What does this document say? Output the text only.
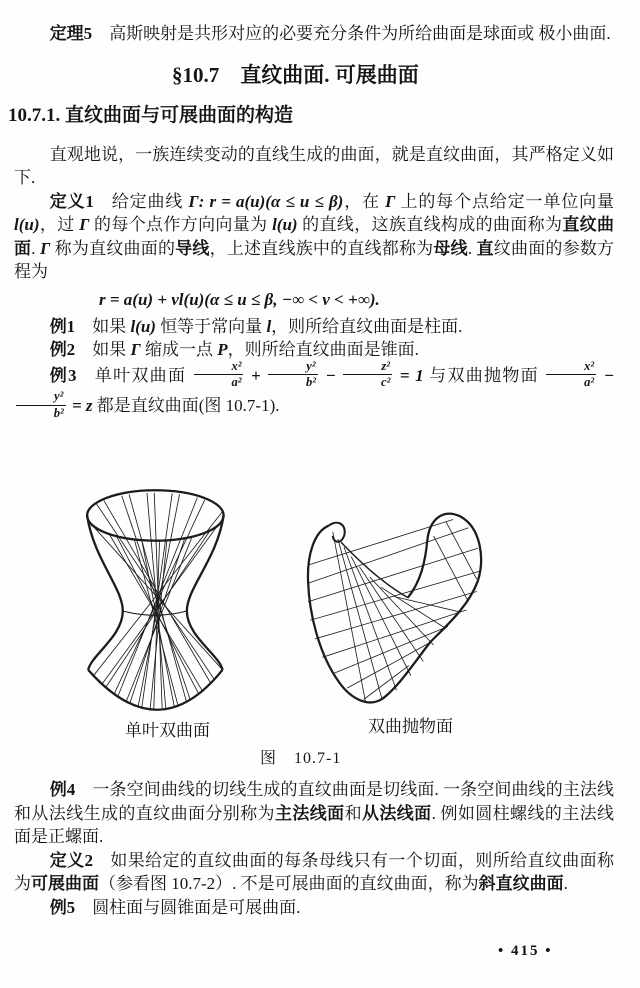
定理5 高斯映射是共形对应的必要充分条件为所给曲面是球面或 极小曲面.

§10.7　直纹曲面. 可展曲面
10.7.1. 直纹曲面与可展曲面的构造

直观地说，一族连续变动的直线生成的曲面，就是直纹曲面，其严格定义如下.

定义1 给定曲线 Γ: r = a(u)(α ≤ u ≤ β)，在 Γ 上的每个点给定一单位向量 l(u)，过 Γ 的每个点作方向向量为 l(u) 的直线，这族直线构成的曲面称为直纹曲面. Γ 称为直纹曲面的导线，上述直线族中的直线都称为母线. 直纹曲面的参数方程为

r = a(u) + vl(u)(α ≤ u ≤ β, −∞ < v < +∞).

例1 如果 l(u) 恒等于常向量 l，则所给直纹曲面是柱面.

例2 如果 Γ 缩成一点 P，则所给直纹曲面是锥面.

例3 单叶双曲面 $\frac{\text{x²}}{\text{a²}} + \frac{\text{y²}}{\text{b²}} - \frac{\text{z²}}{\text{c²}} = 1$ 与双曲抛物面 $\frac{\text{x²}}{\text{a²}}$ −
$\frac{\text{y²}}{\text{b²}} = z$ 都是直纹曲面(图 10.7-1).

单叶双曲面	双曲抛物面
图　10.7-1

例4 一条空间曲线的切线生成的直纹曲面是切线面. 一条空间曲线的主法线和从法线生成的直纹曲面分别称为主法线面和从法线面. 例如圆柱螺线的主法线面是正螺面.

定义2 如果给定的直纹曲面的每条母线只有一个切面，则所给直纹曲面称为可展曲面（参看图 10.7-2）. 不是可展曲面的直纹曲面，称为斜直纹曲面.

例5 圆柱面与圆锥面是可展曲面.

• 415 •
